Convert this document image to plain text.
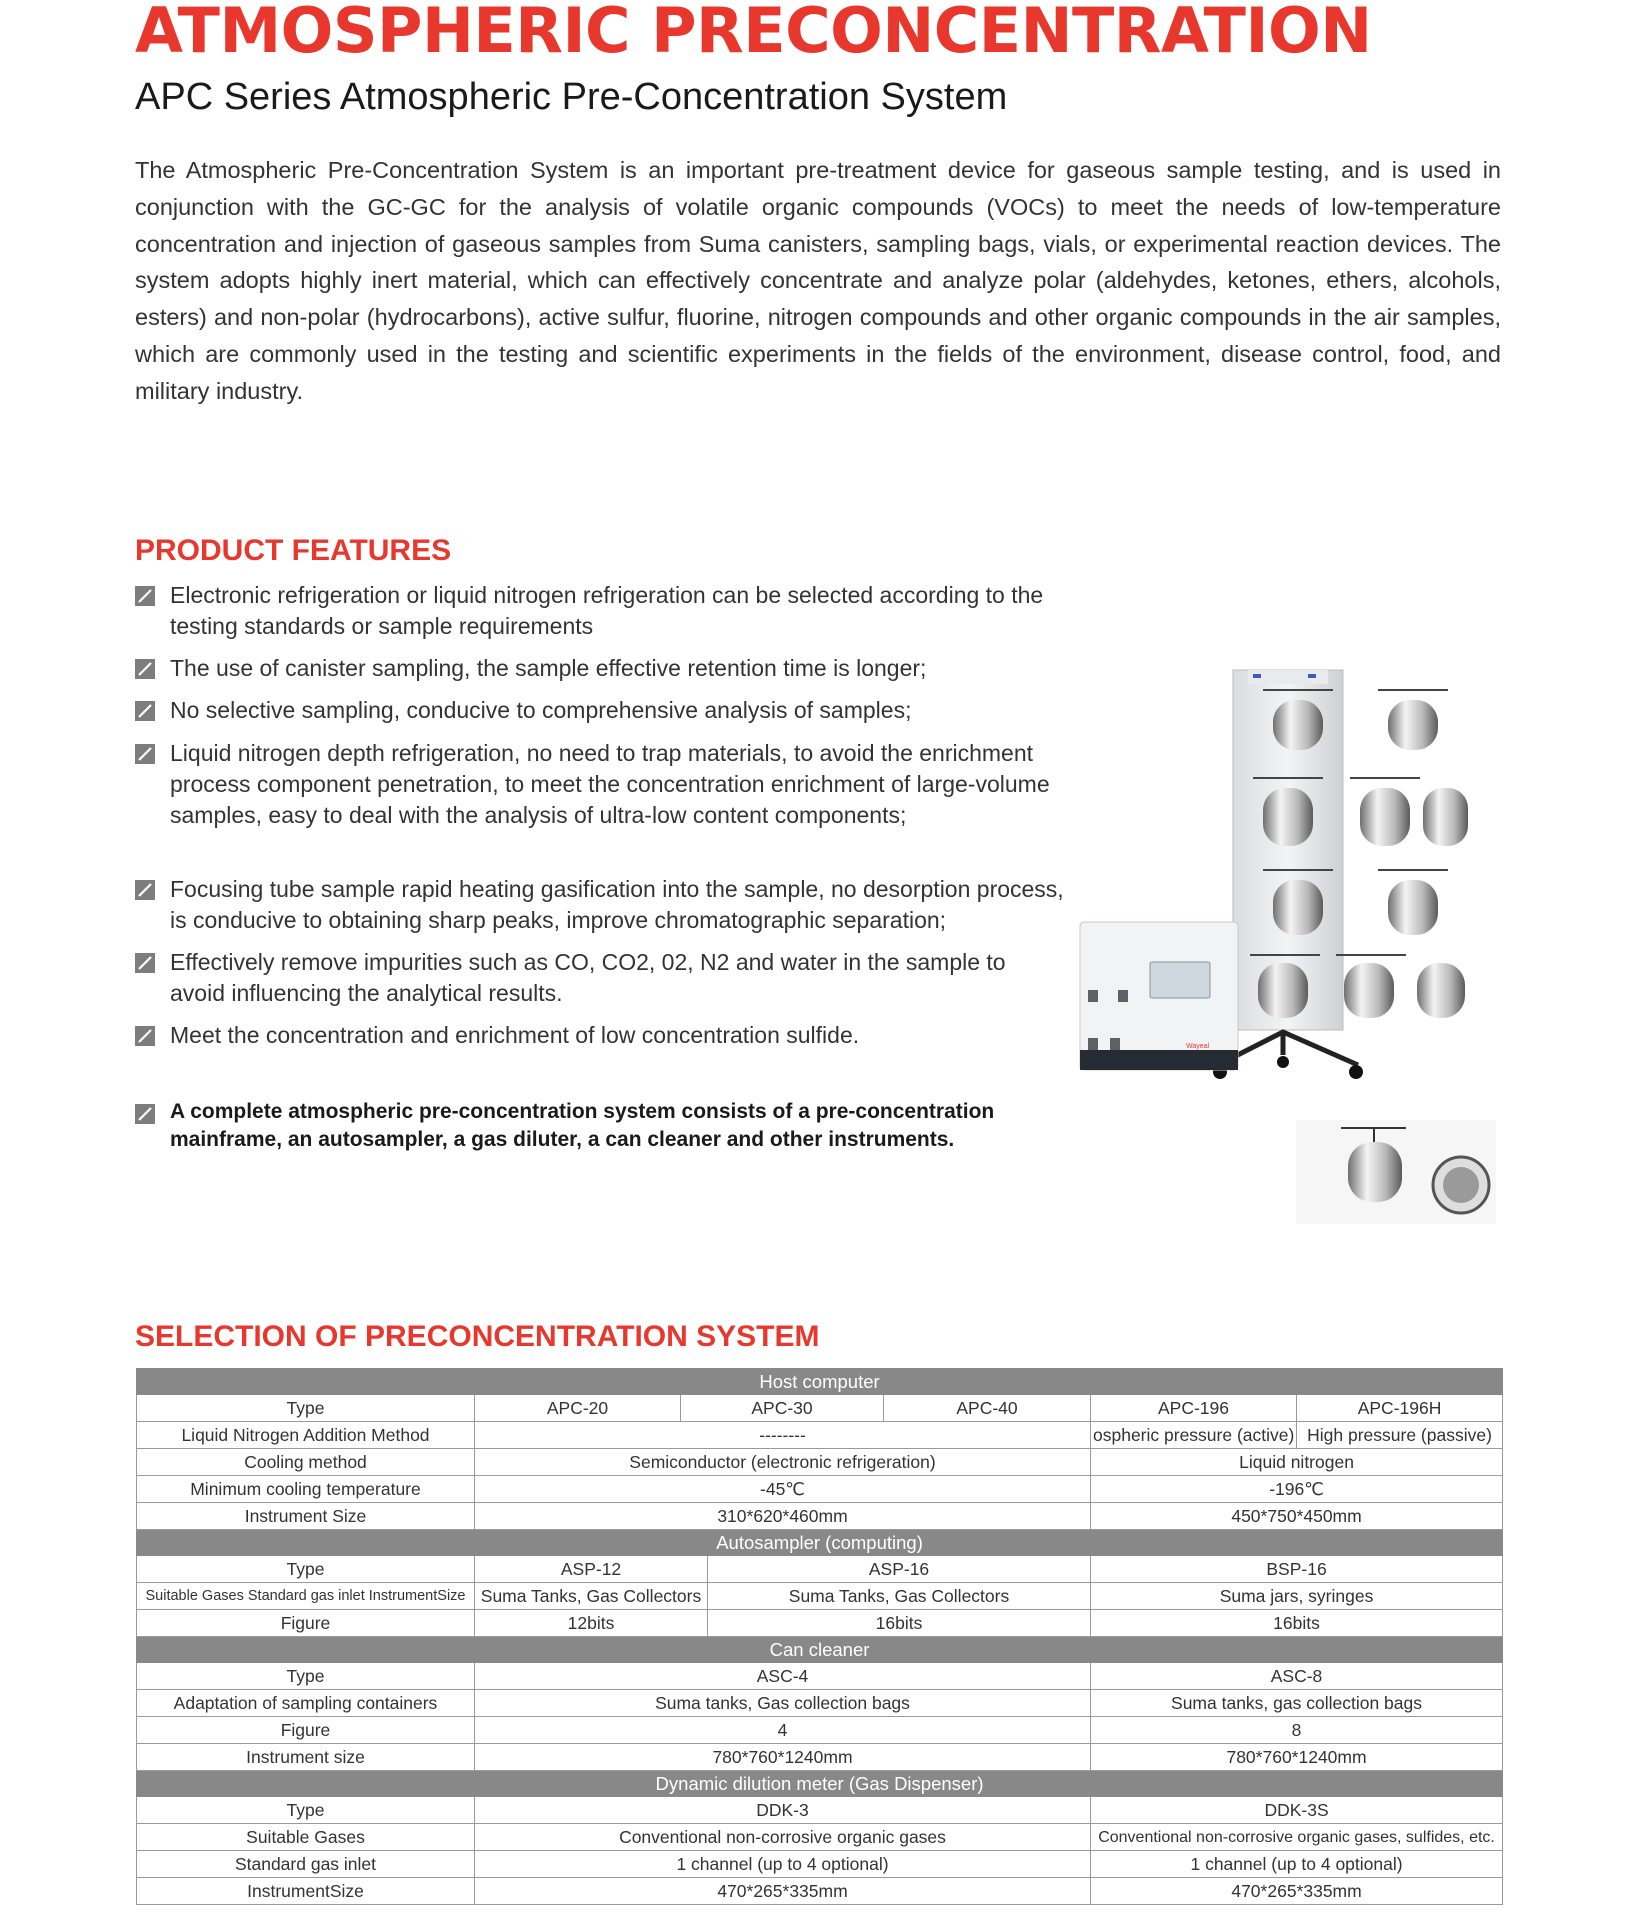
ATMOSPHERIC PRECONCENTRATION
APC Series Atmospheric Pre-Concentration System

The Atmospheric Pre-Concentration System is an important pre-treatment device for gaseous sample testing, and is used in conjunction with the GC-GC for the analysis of volatile organic compounds (VOCs) to meet the needs of low-temperature concentration and injection of gaseous samples from Suma canisters, sampling bags, vials, or experimental reaction devices. The system adopts highly inert material, which can effectively concentrate and analyze polar (aldehydes, ketones, ethers, alcohols, esters) and non-polar (hydrocarbons), active sulfur, fluorine, nitrogen compounds and other organic compounds in the air samples, which are commonly used in the testing and scientific experiments in the fields of the environment, disease control, food, and military industry.

PRODUCT FEATURES
Electronic refrigeration or liquid nitrogen refrigeration can be selected according to the testing standards or sample requirements
The use of canister sampling, the sample effective retention time is longer;
No selective sampling, conducive to comprehensive analysis of samples;
Liquid nitrogen depth refrigeration, no need to trap materials, to avoid the enrichment process component penetration, to meet the concentration enrichment of large-volume samples, easy to deal with the analysis of ultra-low content components;
Focusing tube sample rapid heating gasification into the sample, no desorption process, is conducive to obtaining sharp peaks, improve chromatographic separation;
Effectively remove impurities such as CO, CO2, 02, N2 and water in the sample to avoid influencing the analytical results.
Meet the concentration and enrichment of low concentration sulfide.
A complete atmospheric pre-concentration system consists of a pre-concentration mainframe, an autosampler, a gas diluter, a can cleaner and other instruments.
Wayeal
SELECTION OF PRECONCENTRATION SYSTEM
Host computer						
Type	APC-20	APC-30		APC-40	APC-196	APC-196H
Liquid Nitrogen Addition Method	--------				ospheric pressure (active)	High pressure (passive)
Cooling method	Semiconductor (electronic refrigeration)				Liquid nitrogen	
Minimum cooling temperature	-45℃				-196℃	
Instrument Size	310*620*460mm				450*750*450mm	
Autosampler (computing)						
Type	ASP-12		ASP-16		BSP-16	
Suitable Gases Standard gas inlet InstrumentSize	Suma Tanks, Gas Collectors		Suma Tanks, Gas Collectors		Suma jars, syringes	
Figure	12bits		16bits		16bits	
Can cleaner						
Type	ASC-4				ASC-8	
Adaptation of sampling containers	Suma tanks, Gas collection bags				Suma tanks, gas collection bags	
Figure	4				8	
Instrument size	780*760*1240mm				780*760*1240mm	
Dynamic dilution meter (Gas Dispenser)						
Type	DDK-3				DDK-3S	
Suitable Gases	Conventional non-corrosive organic gases				Conventional non-corrosive organic gases, sulfides, etc.	
Standard gas inlet	1 channel (up to 4 optional)				1 channel (up to 4 optional)	
InstrumentSize	470*265*335mm				470*265*335mm	
